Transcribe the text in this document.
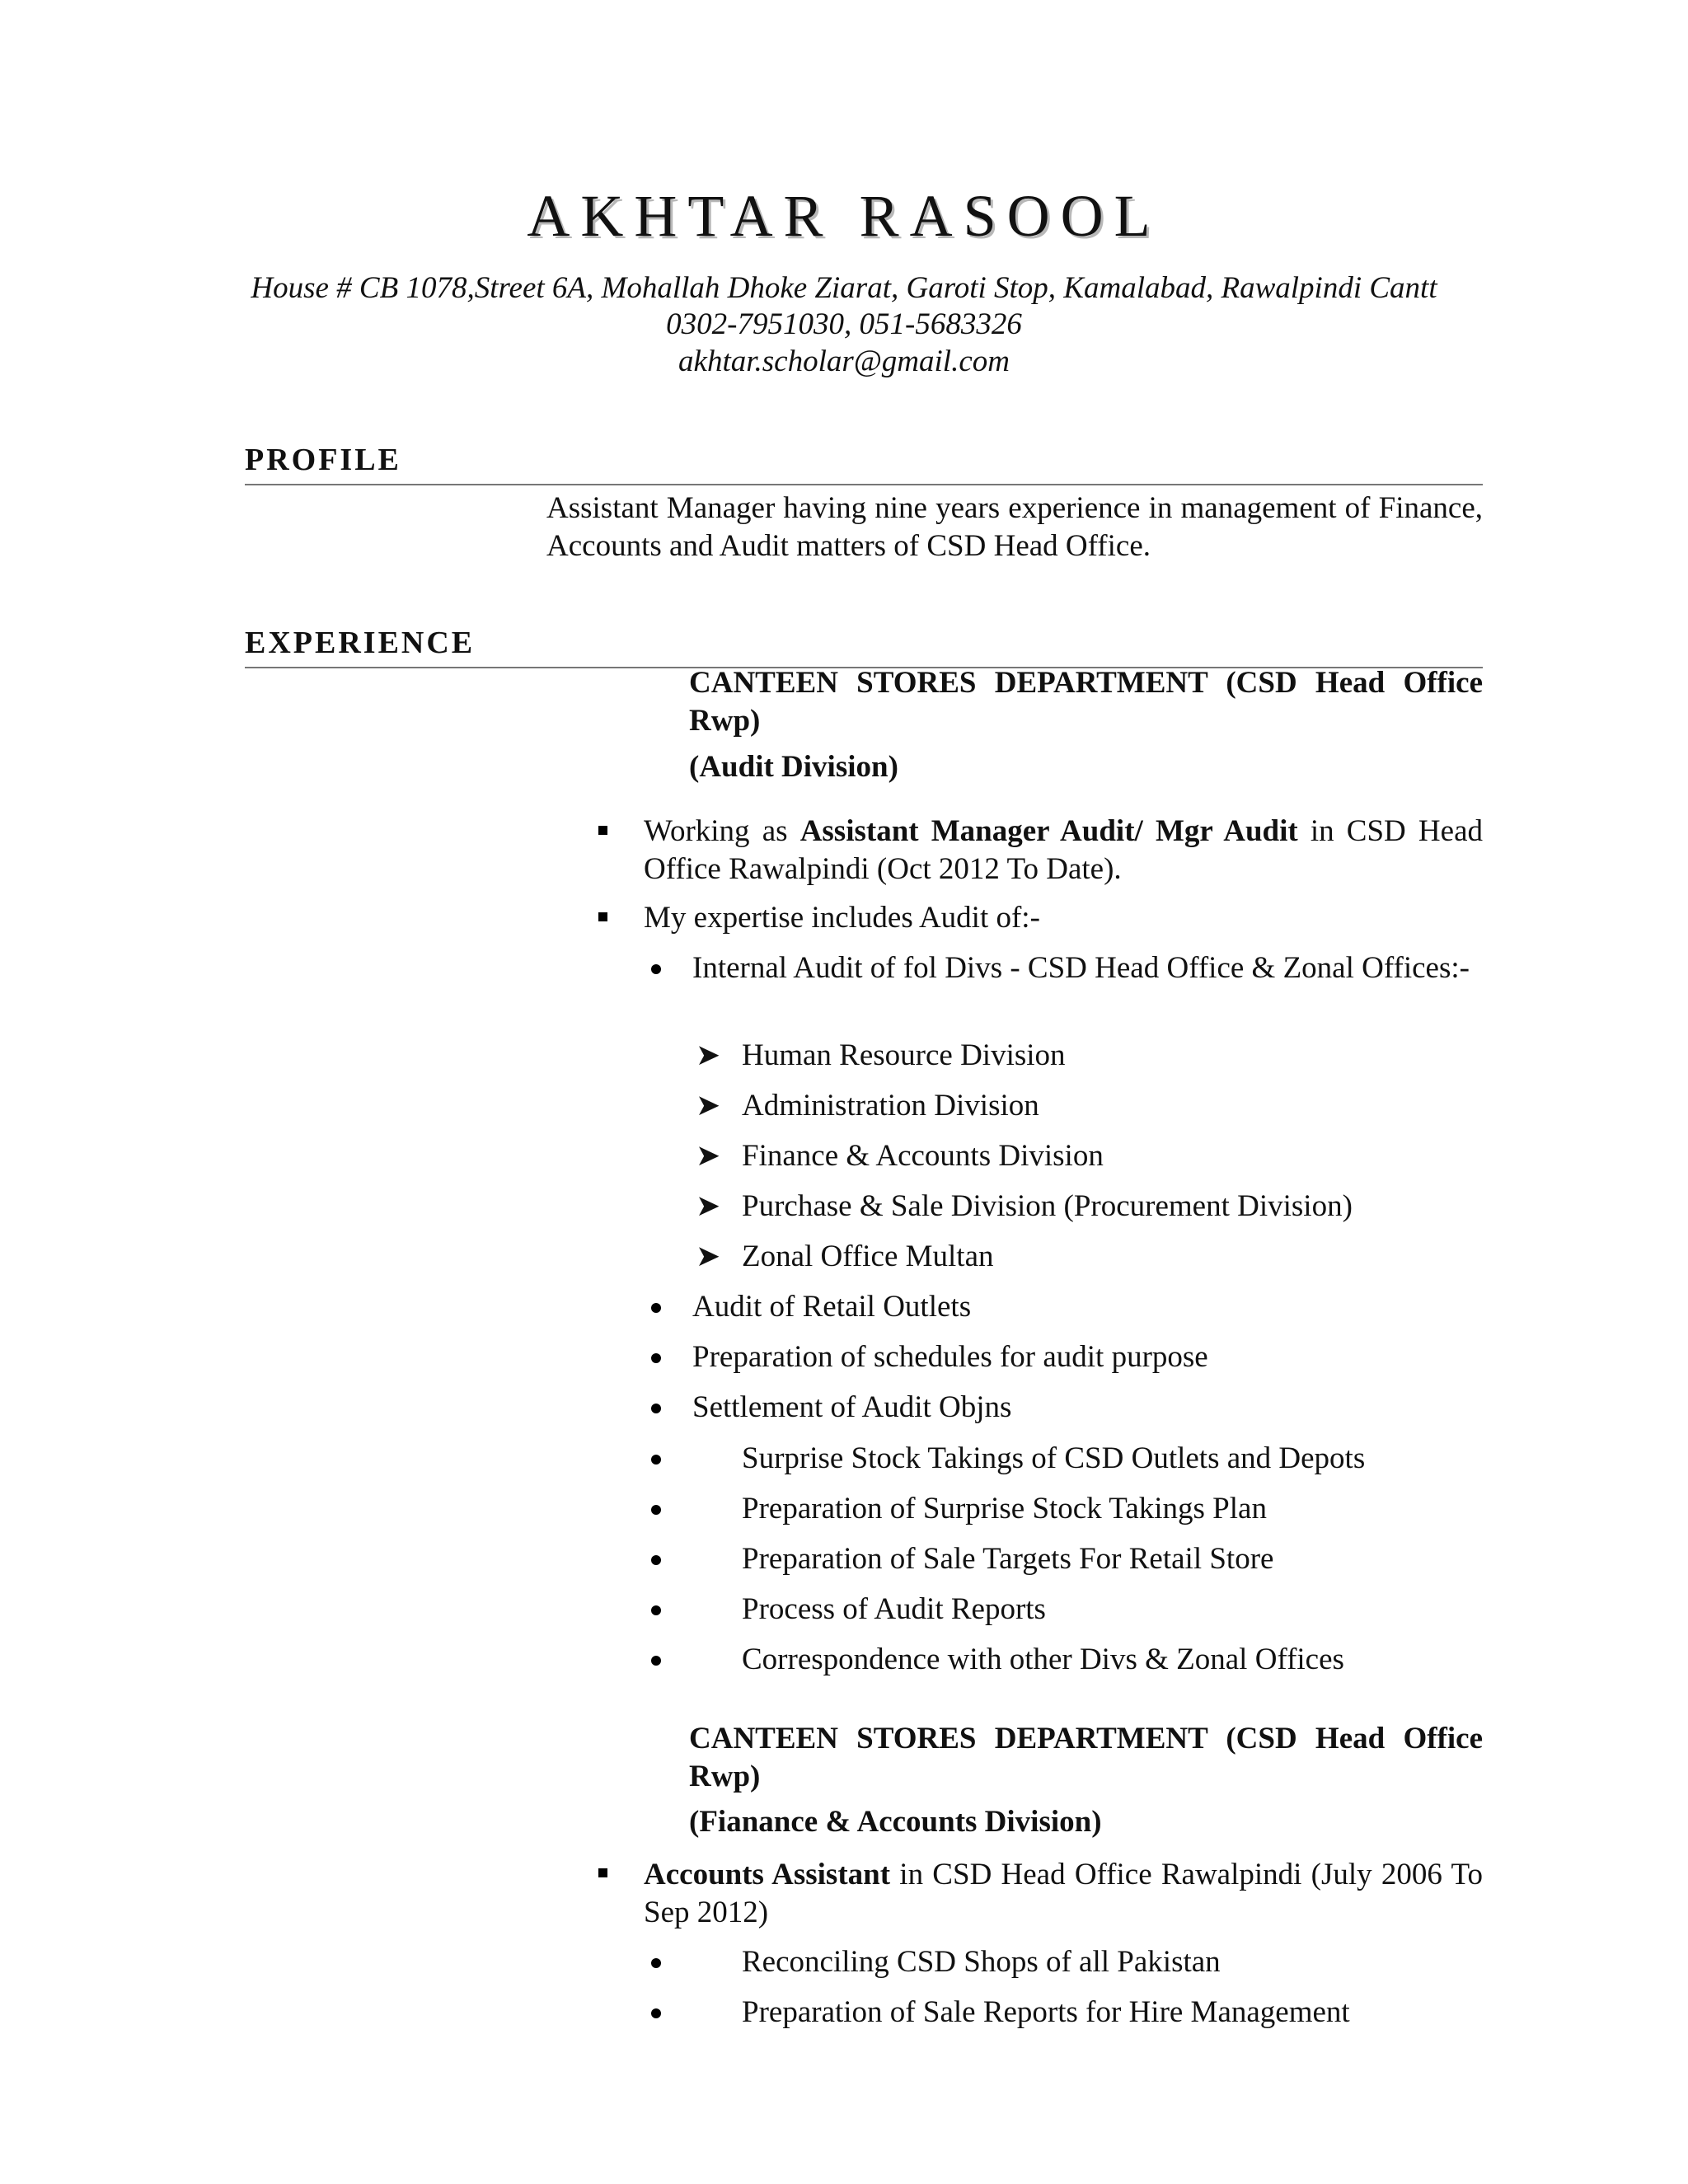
AKHTAR RASOOL
House # CB 1078,Street 6A, Mohallah Dhoke Ziarat, Garoti Stop, Kamalabad, Rawalpindi Cantt
0302-7951030, 051-5683326
akhtar.scholar@gmail.com
PROFILE
Assistant Manager having nine years experience in management of Finance, Accounts and Audit matters of CSD Head Office.
EXPERIENCE
CANTEEN STORES DEPARTMENT (CSD Head Office Rwp)
(Audit Division)
Working as Assistant Manager Audit/ Mgr Audit in CSD Head Office Rawalpindi (Oct 2012 To Date).
My expertise includes Audit of:-
Internal Audit of fol Divs - CSD Head Office & Zonal Offices:-
➤ Human Resource Division
➤ Administration Division
➤ Finance & Accounts Division
➤ Purchase & Sale Division (Procurement Division)
➤ Zonal Office Multan
Audit of Retail Outlets
Preparation of schedules for audit purpose
Settlement of Audit Objns
Surprise Stock Takings of CSD Outlets and Depots
Preparation of Surprise Stock Takings Plan
Preparation of Sale Targets For Retail Store
Process of Audit Reports
Correspondence with other Divs & Zonal Offices
CANTEEN STORES DEPARTMENT (CSD Head Office Rwp)
(Fianance & Accounts Division)
Accounts Assistant in CSD Head Office Rawalpindi (July 2006 To Sep 2012)
Reconciling CSD Shops of all Pakistan
Preparation of Sale Reports for Hire Management
